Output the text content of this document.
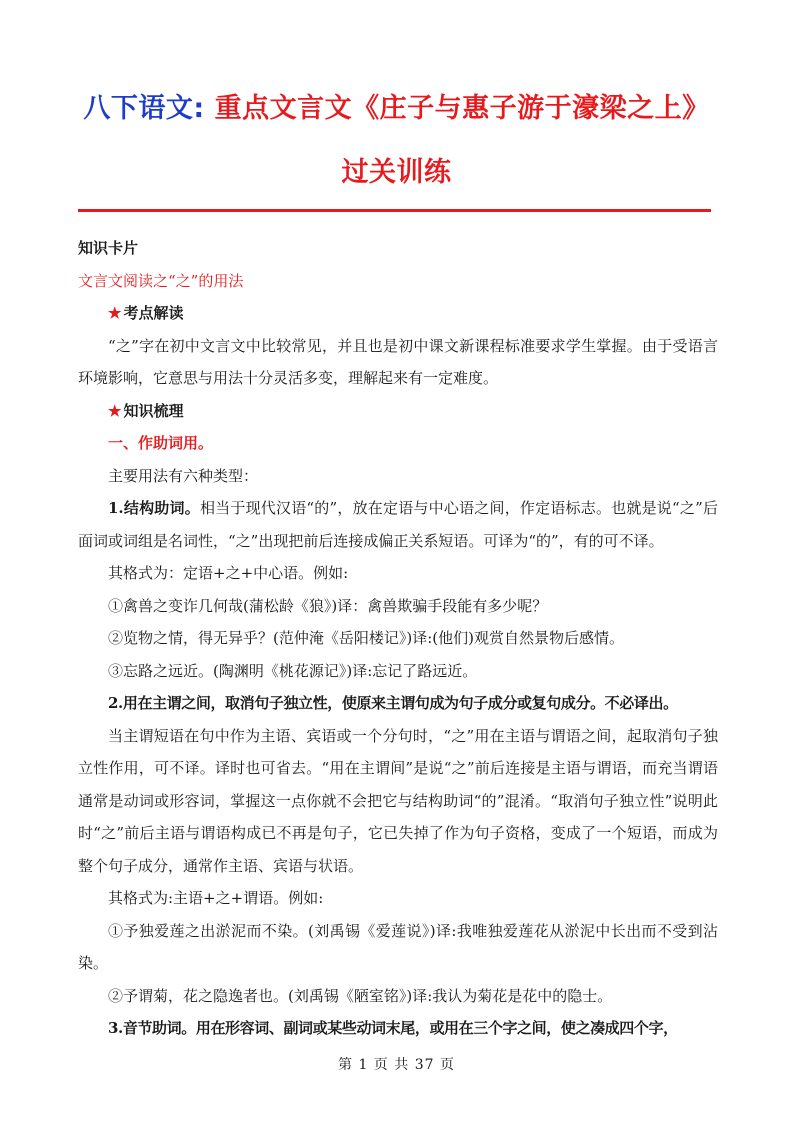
八下语文: 重点文言文《庄子与惠子游于濠梁之上》
过关训练

知识卡片

文言文阅读之“之”的用法

★ 考点解读

“之”字在初中文言文中比较常见，并且也是初中课文新课程标准要求学生掌握。由于受语言环境影响，它意思与用法十分灵活多变，理解起来有一定难度。

★ 知识梳理

一、作助词用。

主要用法有六种类型：

1.结构助词。相当于现代汉语“的”，放在定语与中心语之间，作定语标志。也就是说“之”后面词或词组是名词性，“之”出现把前后连接成偏正关系短语。可译为“的”，有的可不译。

其格式为：定语+之+中心语。例如:

①禽兽之变诈几何哉(蒲松龄《狼》)译：禽兽欺骗手段能有多少呢？

②览物之情，得无异乎？(范仲淹《岳阳楼记》)译:(他们)观赏自然景物后感情。

③忘路之远近。(陶渊明《桃花源记》)译:忘记了路远近。

2.用在主谓之间，取消句子独立性，使原来主谓句成为句子成分或复句成分。不必译出。

当主谓短语在句中作为主语、宾语或一个分句时，“之”用在主语与谓语之间，起取消句子独立性作用，可不译。译时也可省去。“用在主谓间”是说“之”前后连接是主语与谓语，而充当谓语通常是动词或形容词，掌握这一点你就不会把它与结构助词“的”混淆。“取消句子独立性”说明此时“之”前后主语与谓语构成已不再是句子，它已失掉了作为句子资格，变成了一个短语，而成为整个句子成分，通常作主语、宾语与状语。

其格式为:主语+之+谓语。例如:

①予独爱莲之出淤泥而不染。(刘禹锡《爱莲说》)译:我唯独爱莲花从淤泥中长出而不受到沾染。

②予谓菊，花之隐逸者也。(刘禹锡《陋室铭》)译:我认为菊花是花中的隐士。

3.音节助词。用在形容词、副词或某些动词末尾，或用在三个字之间，使之凑成四个字，

第 1 页 共 37 页
